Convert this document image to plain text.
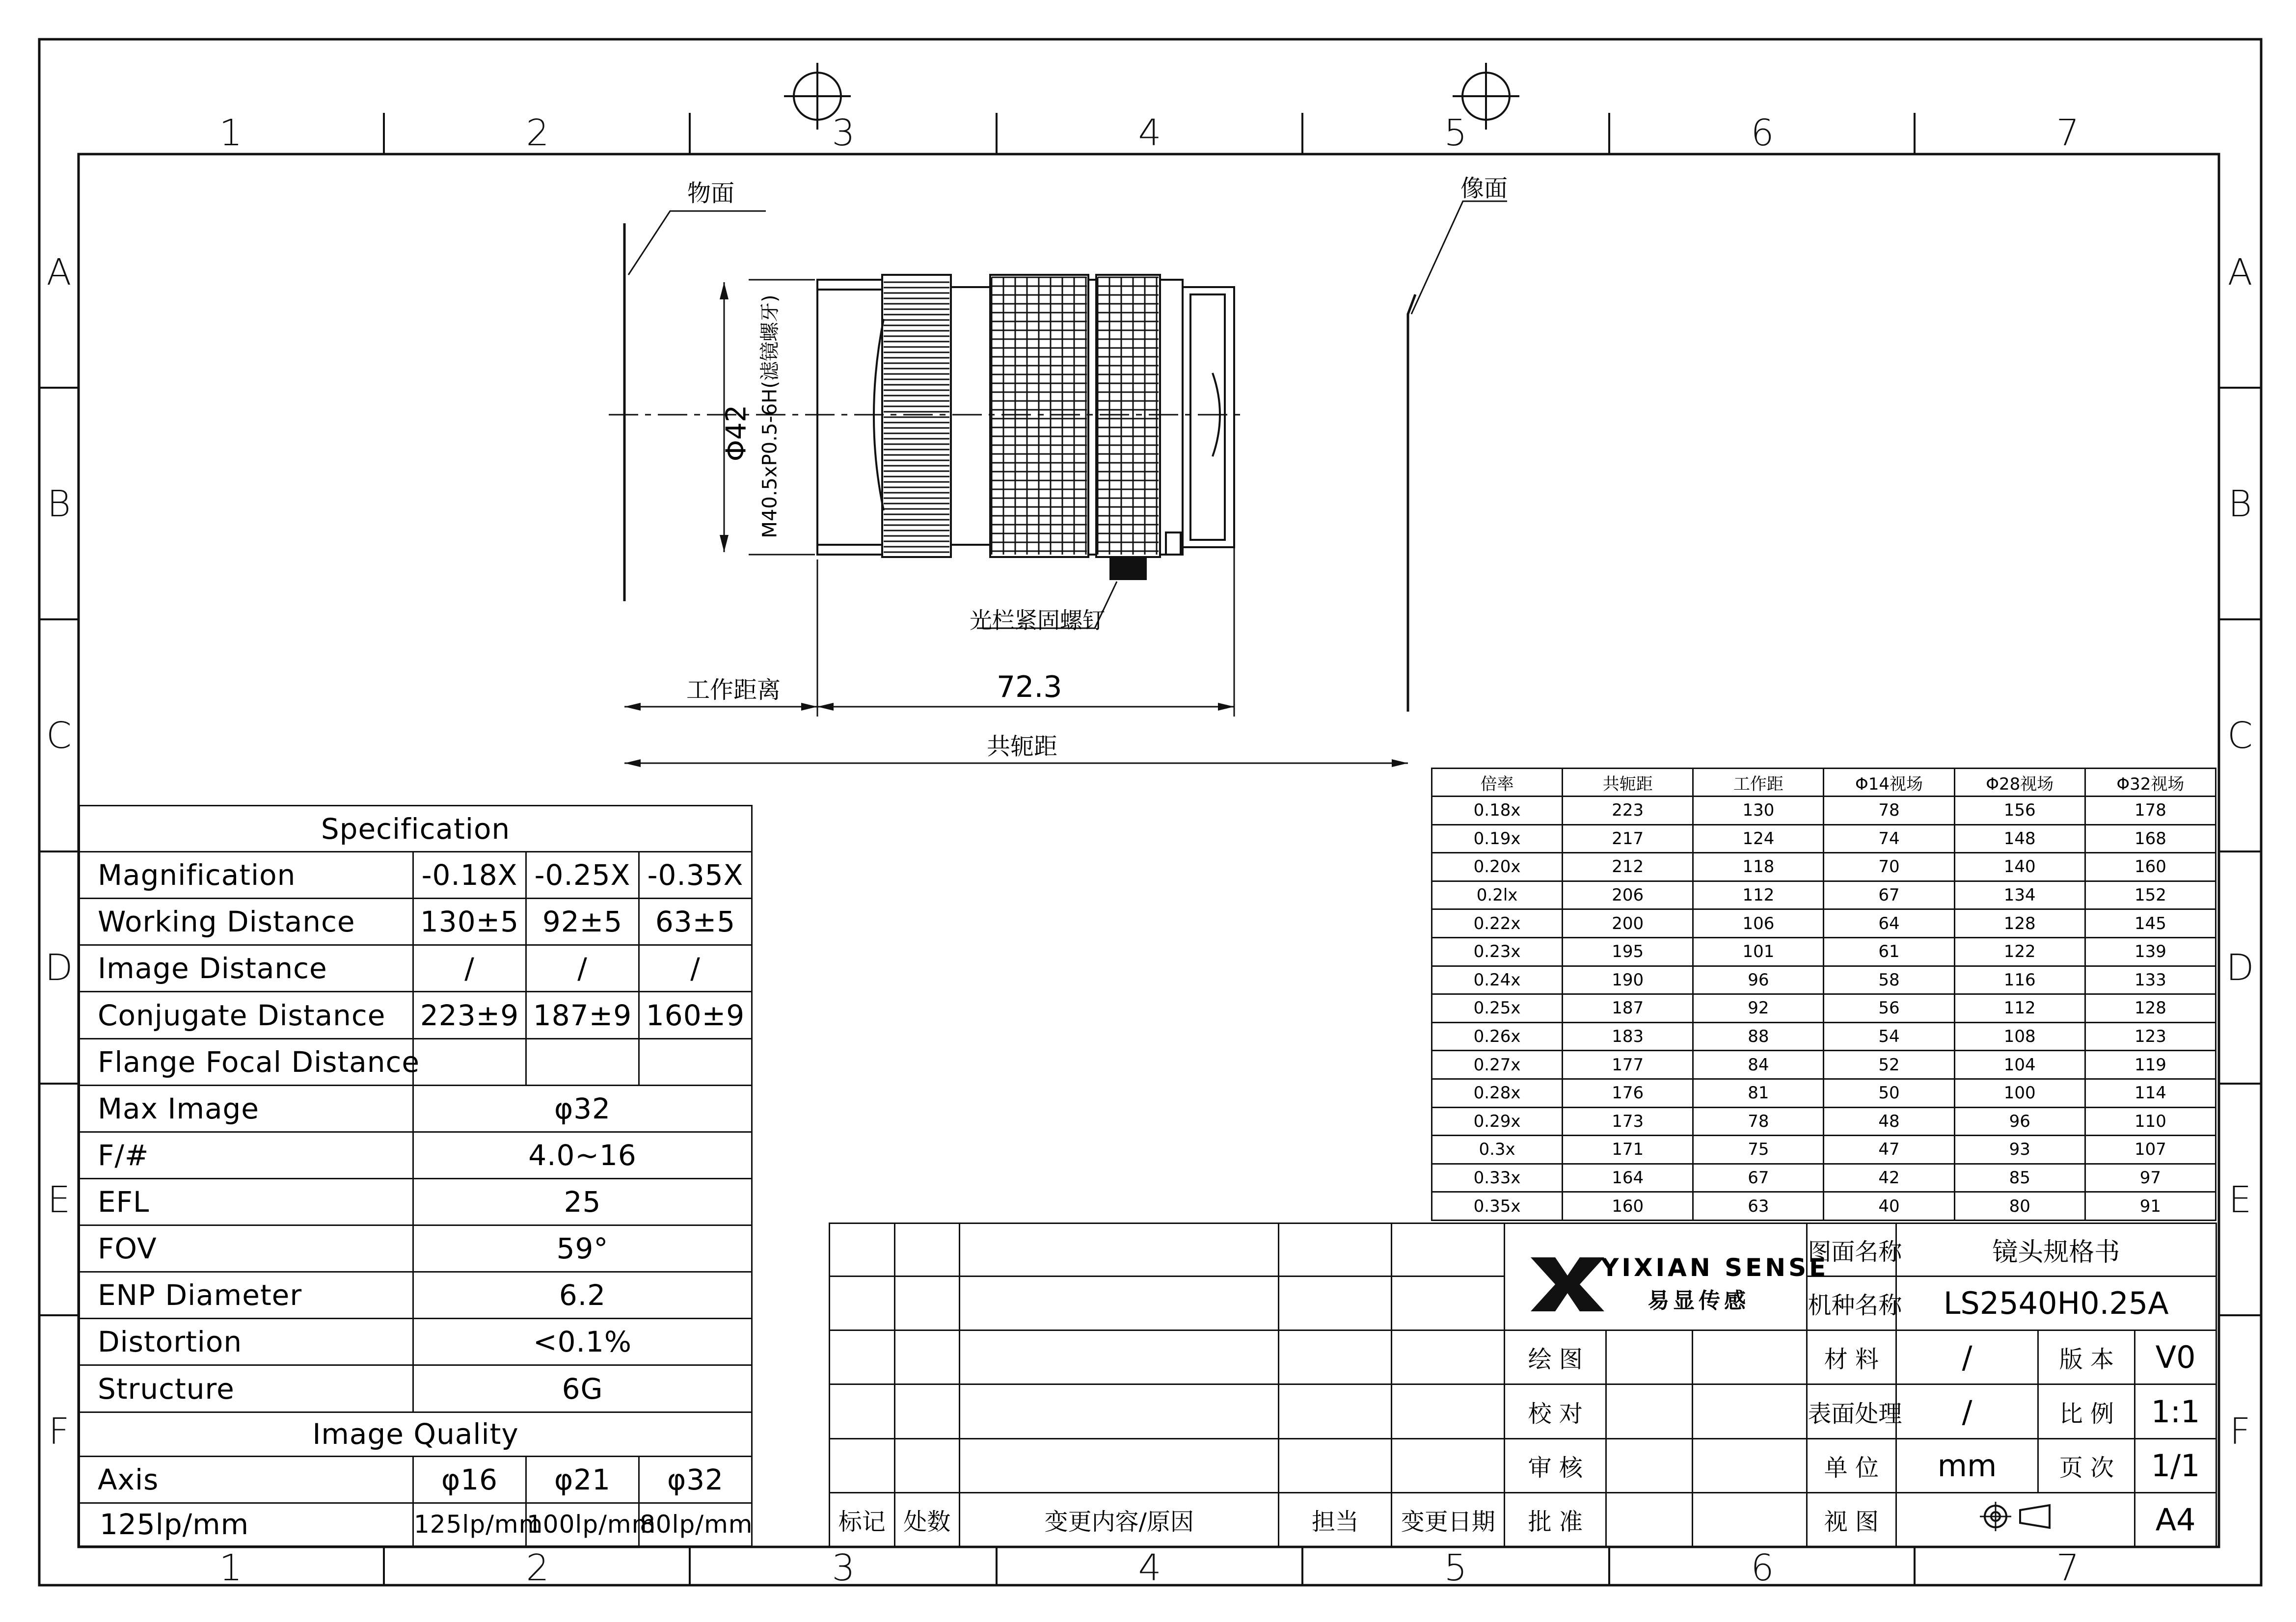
1	2	3	4	5	6	7
1	2	3	4	5	6	7
A
B
C
D
E
F
A
B
C
D
E
F
物面	像面
Φ42 M40.5xP0.5-6H(滤镜螺牙)
光栏紧固螺钉
工作距离	72.3
共轭距
Specification			
Magnification	-0.18X	-0.25X	-0.35X
Working Distance	130±5	92±5	63±5
Image Distance	/	/	/
Conjugate Distance	223±9	187±9	160±9
Flange Focal Distance			
Max Image	φ32		
F/#	4.0~16		
EFL	25		
FOV	59°		
ENP Diameter	6.2		
Distortion	<0.1%		
Structure	6G		
Image Quality			
Axis	φ16	φ21	φ32
125lp/mm	125lp/mm	100lp/mm	80lp/mm
倍率	共轭距	工作距	Φ14视场	Φ28视场	Φ32视场
0.18x	223	130	78	156	178
0.19x	217	124	74	148	168
0.20x	212	118	70	140	160
0.2lx	206	112	67	134	152
0.22x	200	106	64	128	145
0.23x	195	101	61	122	139
0.24x	190	96	58	116	133
0.25x	187	92	56	112	128
0.26x	183	88	54	108	123
0.27x	177	84	52	104	119
0.28x	176	81	50	100	114
0.29x	173	78	48	96	110
0.3x	171	75	47	93	107
0.33x	164	67	42	85	97
0.35x	160	63	40	80	91

					YIXIAN SENSE
易显传感			图面名称	镜头规格书		
								机种名称	LS2540H0.25A		
					绘 图			材 料	/	版 本	V0
					校 对			表面处理	/	比 例	1:1
					审 核			单 位	mm	页 次	1/1
标记	处数	变更内容/原因	担当	变更日期	批 准			视 图			A4
